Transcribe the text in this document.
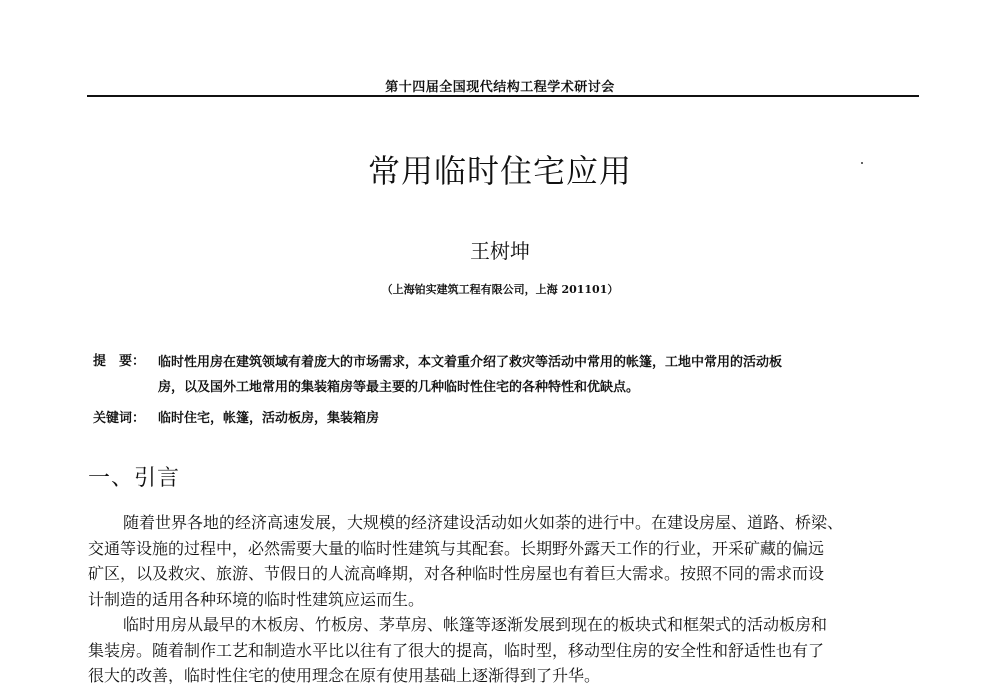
第十四届全国现代结构工程学术研讨会
常用临时住宅应用
王树坤
（上海铂实建筑工程有限公司，上海 201101）
提　要： 临时性用房在建筑领域有着庞大的市场需求，本文着重介绍了救灾等活动中常用的帐篷，工地中常用的活动板
房，以及国外工地常用的集装箱房等最主要的几种临时性住宅的各种特性和优缺点。
关键词： 临时住宅，帐篷，活动板房，集装箱房
一、引言
随着世界各地的经济高速发展，大规模的经济建设活动如火如荼的进行中。在建设房屋、道路、桥梁、
交通等设施的过程中，必然需要大量的临时性建筑与其配套。长期野外露天工作的行业，开采矿藏的偏远
矿区，以及救灾、旅游、节假日的人流高峰期，对各种临时性房屋也有着巨大需求。按照不同的需求而设
计制造的适用各种环境的临时性建筑应运而生。
临时用房从最早的木板房、竹板房、茅草房、帐篷等逐渐发展到现在的板块式和框架式的活动板房和
集装房。随着制作工艺和制造水平比以往有了很大的提高，临时型，移动型住房的安全性和舒适性也有了
很大的改善，临时性住宅的使用理念在原有使用基础上逐渐得到了升华。
